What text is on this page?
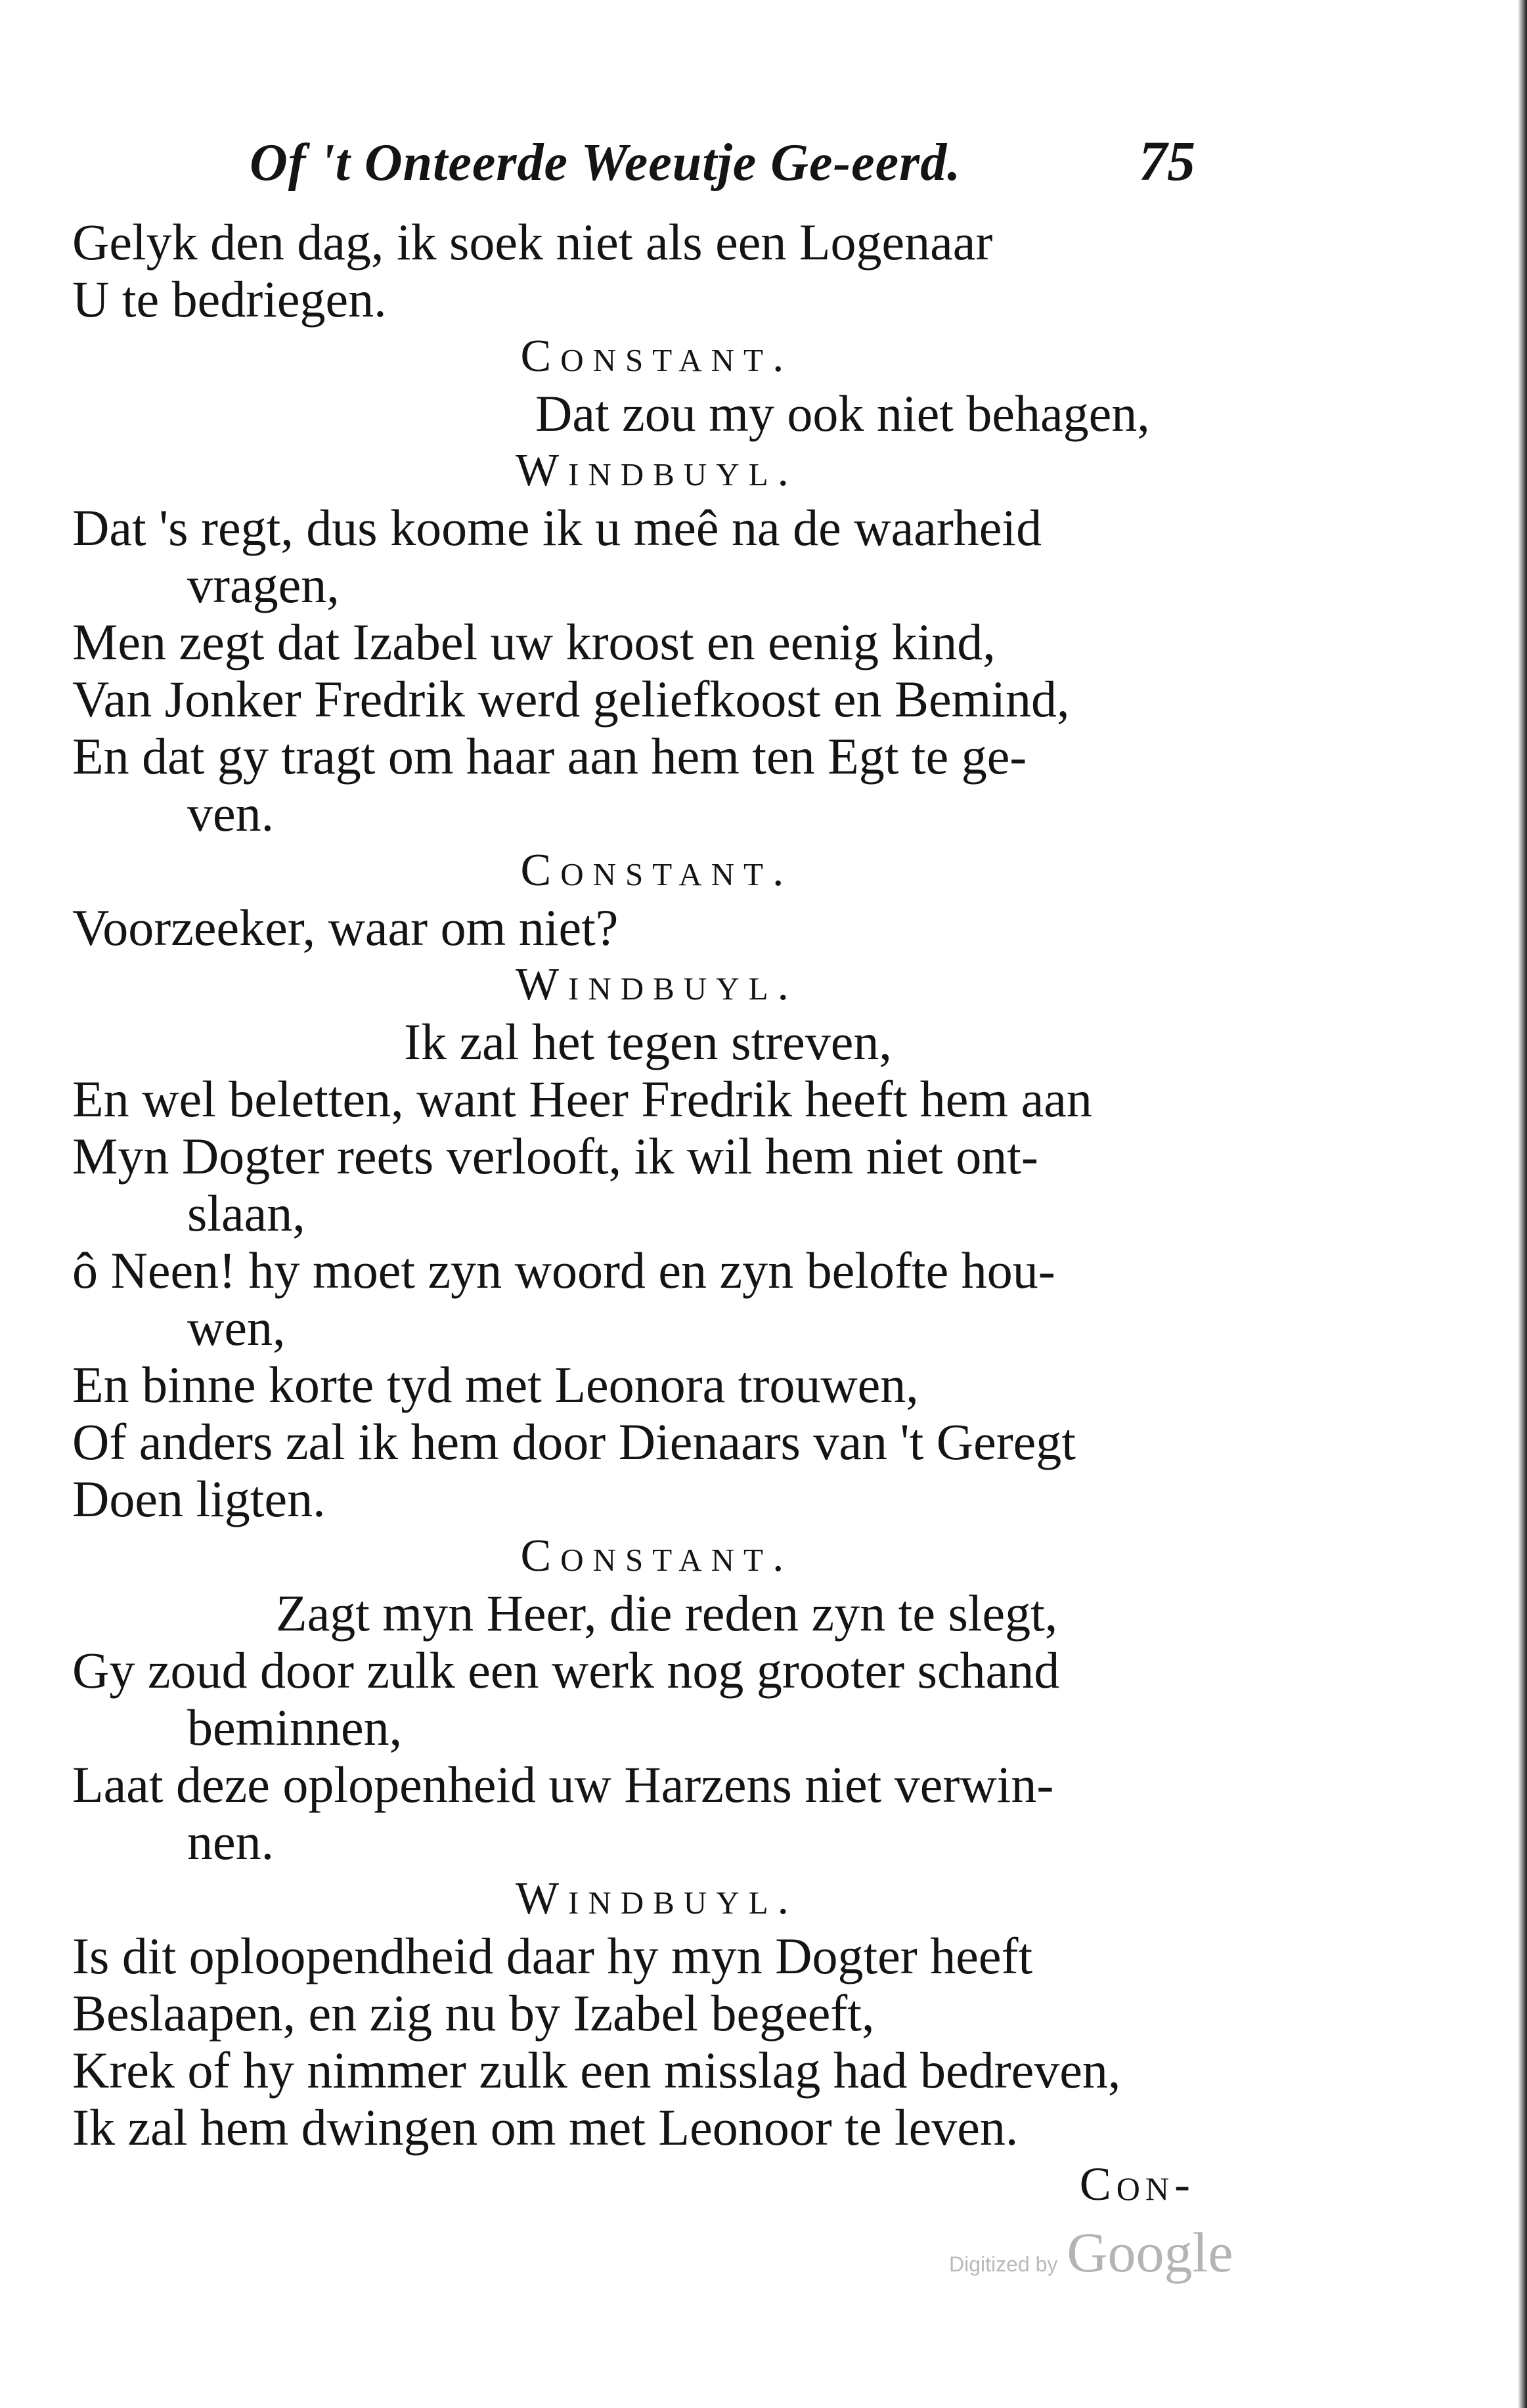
Of 't Onteerde Weeutje Ge-eerd.	75
Gelyk den dag, ik soek niet als een Logenaar
U te bedriegen.
Constant.
Dat zou my ook niet behagen,
Windbuyl.
Dat 's regt, dus koome ik u meê na de waarheid
vragen,
Men zegt dat Izabel uw kroost en eenig kind,
Van Jonker Fredrik werd geliefkoost en Bemind,
En dat gy tragt om haar aan hem ten Egt te ge-
ven.
Constant.
Voorzeeker, waar om niet?
Windbuyl.
Ik zal het tegen streven,
En wel beletten, want Heer Fredrik heeft hem aan
Myn Dogter reets verlooft, ik wil hem niet ont-
slaan,
ô Neen! hy moet zyn woord en zyn belofte hou-
wen,
En binne korte tyd met Leonora trouwen,
Of anders zal ik hem door Dienaars van 't Geregt
Doen ligten.
Constant.
Zagt myn Heer, die reden zyn te slegt,
Gy zoud door zulk een werk nog grooter schand
beminnen,
Laat deze oplopenheid uw Harzens niet verwin-
nen.
Windbuyl.
Is dit oploopendheid daar hy myn Dogter heeft
Beslaapen, en zig nu by Izabel begeeft,
Krek of hy nimmer zulk een misslag had bedreven,
Ik zal hem dwingen om met Leonoor te leven.
Con-
Digitized by Google
